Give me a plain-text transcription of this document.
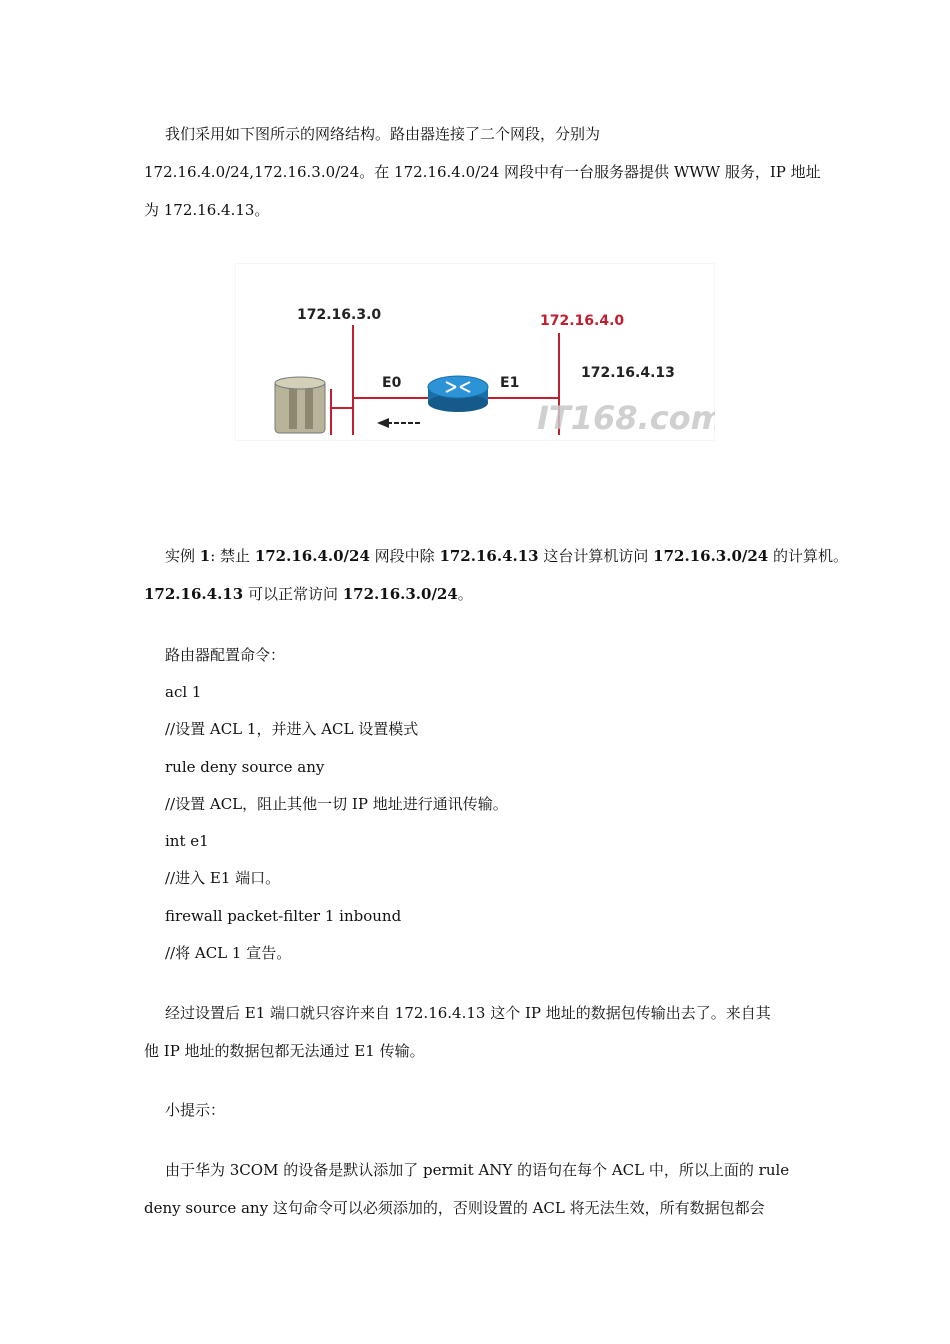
我们采用如下图所示的网络结构。路由器连接了二个网段，分别为
172.16.4.0/24,172.16.3.0/24。在 172.16.4.0/24 网段中有一台服务器提供 WWW 服务，IP 地址
为 172.16.4.13。
172.16.3.0	172.16.4.0
E0	E1
172.16.4.13
IT168.com
实例 1: 禁止 172.16.4.0/24 网段中除 172.16.4.13 这台计算机访问 172.16.3.0/24 的计算机。
172.16.4.13 可以正常访问 172.16.3.0/24。
路由器配置命令：
acl 1
//设置 ACL 1，并进入 ACL 设置模式
rule deny source any
//设置 ACL，阻止其他一切 IP 地址进行通讯传输。
int e1
//进入 E1 端口。
firewall packet-filter 1 inbound
//将 ACL 1 宣告。
经过设置后 E1 端口就只容许来自 172.16.4.13 这个 IP 地址的数据包传输出去了。来自其
他 IP 地址的数据包都无法通过 E1 传输。
小提示：
由于华为 3COM 的设备是默认添加了 permit ANY 的语句在每个 ACL 中，所以上面的 rule
deny source any 这句命令可以必须添加的，否则设置的 ACL 将无法生效，所有数据包都会
